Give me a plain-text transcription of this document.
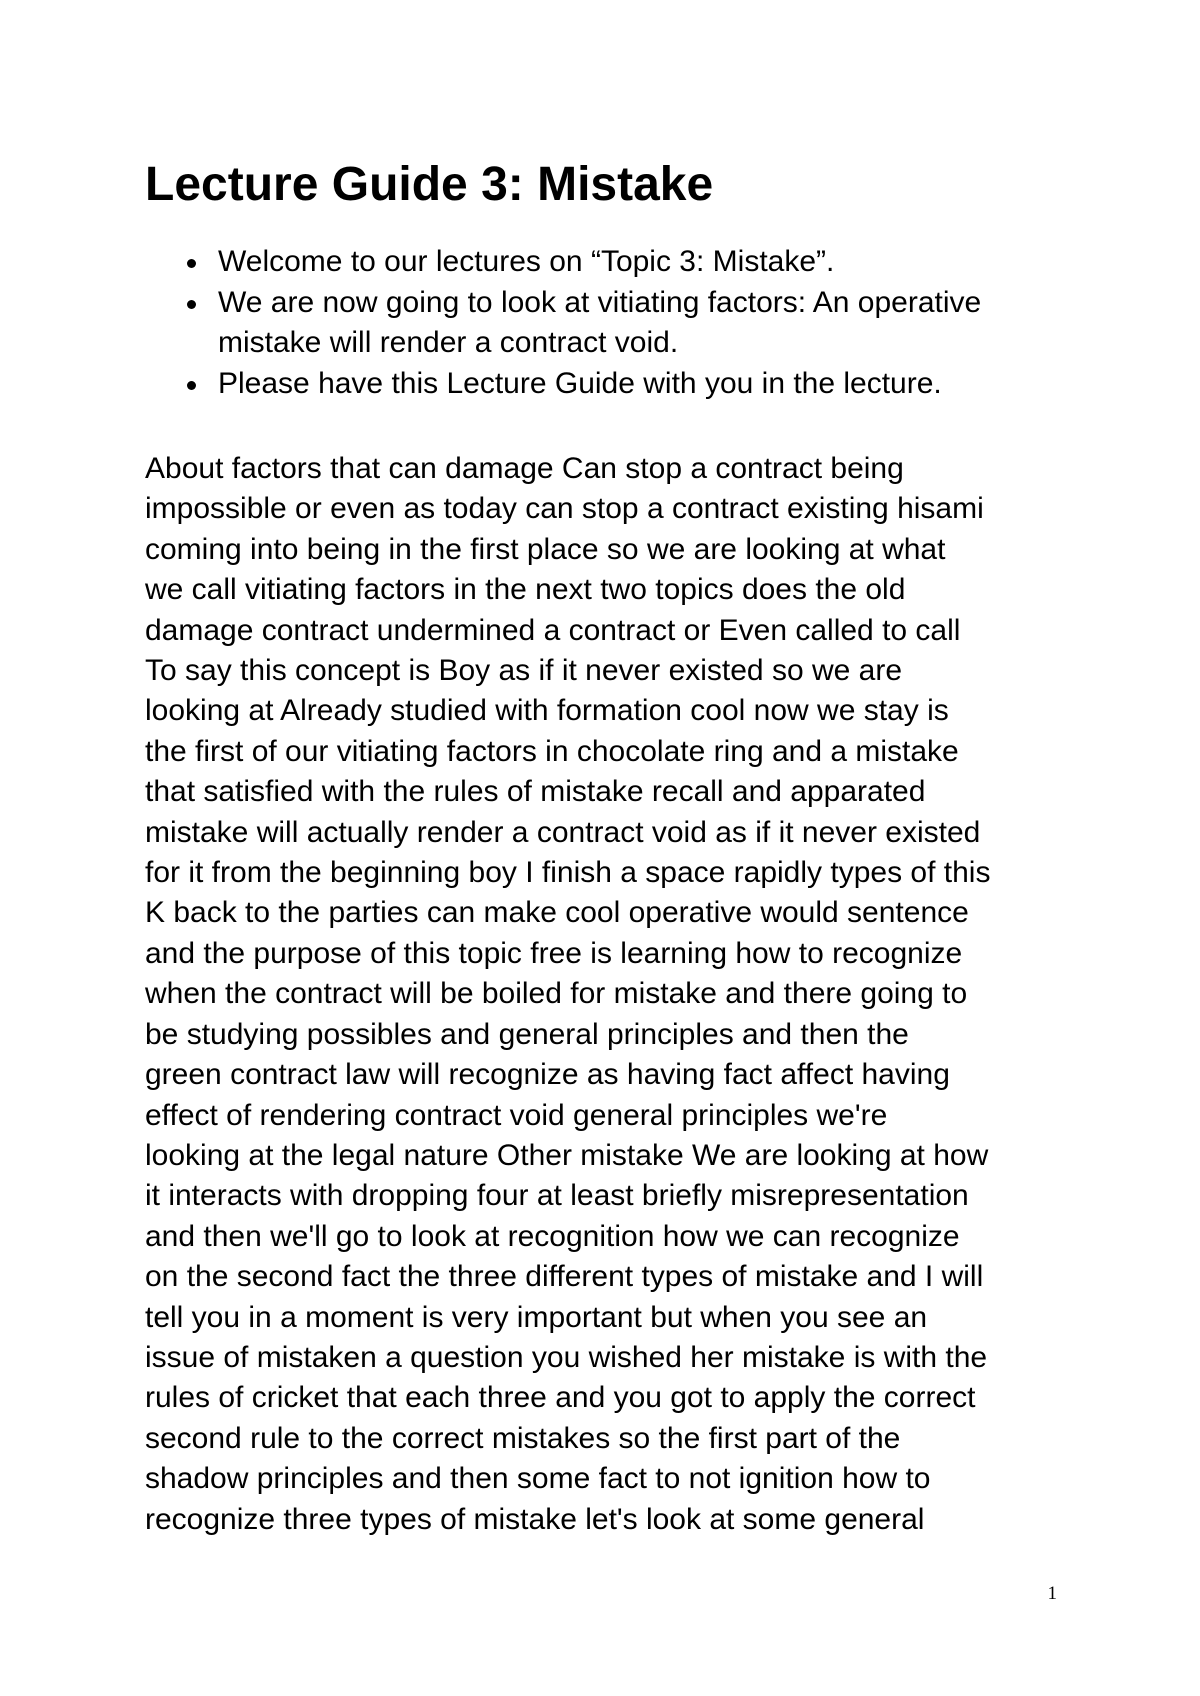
Lecture Guide 3: Mistake
Welcome to our lectures on “Topic 3: Mistake”.
We are now going to look at vitiating factors: An operative mistake will render a contract void.
Please have this Lecture Guide with you in the lecture.

About factors that can damage Can stop a contract being
impossible or even as today can stop a contract existing hisami
coming into being in the first place so we are looking at what
we call vitiating factors in the next two topics does the old
damage contract undermined a contract or Even called to call
To say this concept is Boy as if it never existed so we are
looking at Already studied with formation cool now we stay is
the first of our vitiating factors in chocolate ring and a mistake
that satisfied with the rules of mistake recall and apparated
mistake will actually render a contract void as if it never existed
for it from the beginning boy I finish a space rapidly types of this
K back to the parties can make cool operative would sentence
and the purpose of this topic free is learning how to recognize
when the contract will be boiled for mistake and there going to
be studying possibles and general principles and then the
green contract law will recognize as having fact affect having
effect of rendering contract void general principles we're
looking at the legal nature Other mistake We are looking at how
it interacts with dropping four at least briefly misrepresentation
and then we'll go to look at recognition how we can recognize
on the second fact the three different types of mistake and I will
tell you in a moment is very important but when you see an
issue of mistaken a question you wished her mistake is with the
rules of cricket that each three and you got to apply the correct
second rule to the correct mistakes so the first part of the
shadow principles and then some fact to not ignition how to
recognize three types of mistake let's look at some general

1
